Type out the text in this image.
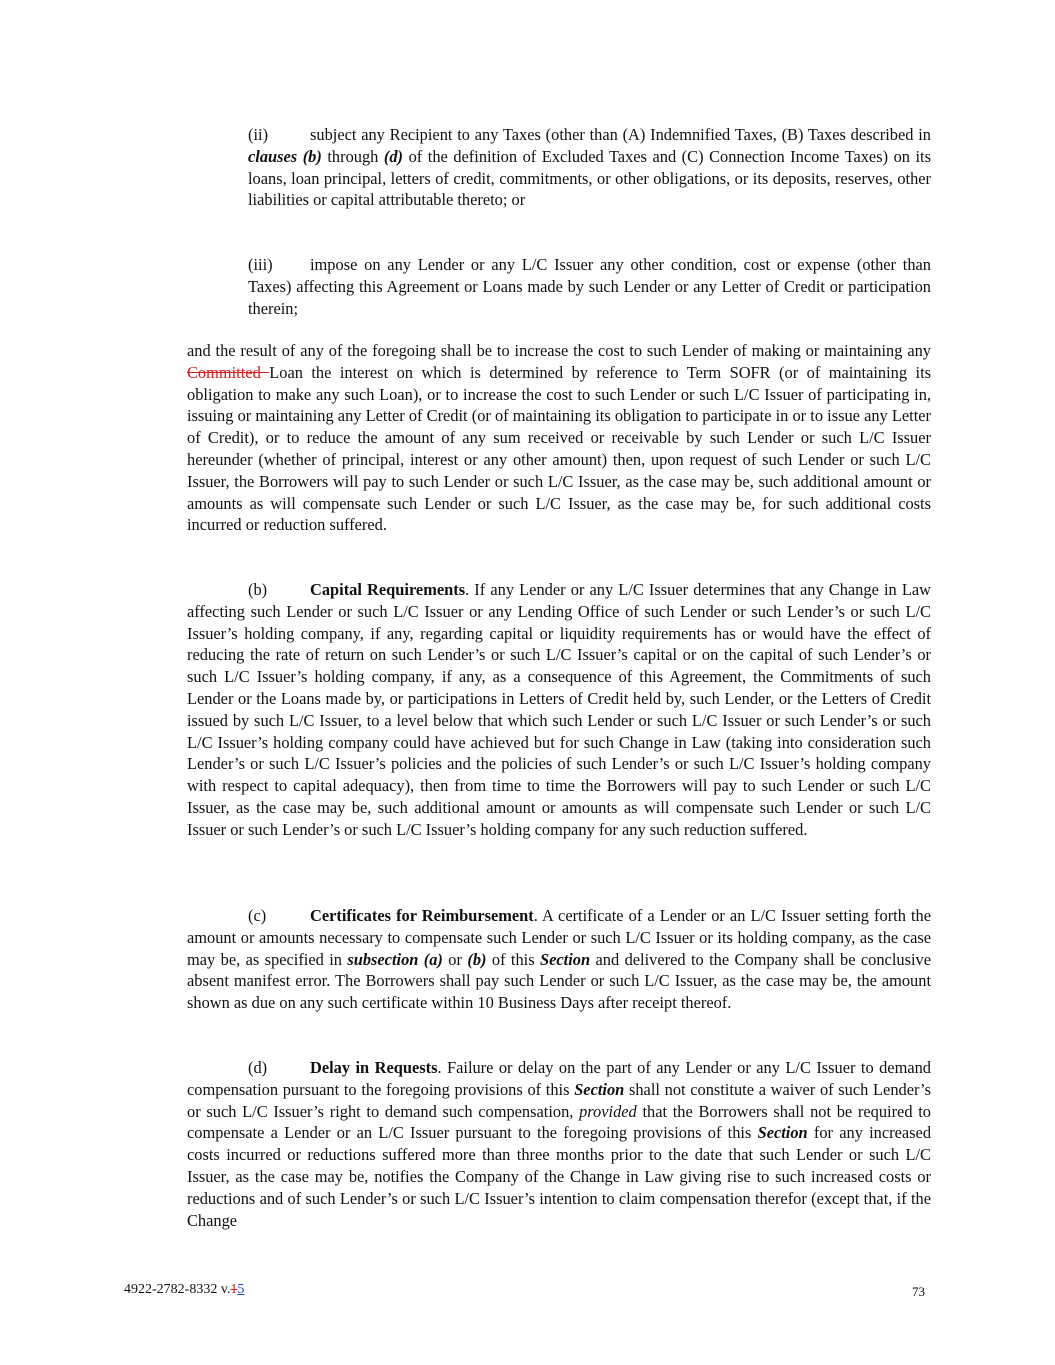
(ii)	subject any Recipient to any Taxes (other than (A) Indemnified Taxes, (B) Taxes described in clauses (b) through (d) of the definition of Excluded Taxes and (C) Connection Income Taxes) on its loans, loan principal, letters of credit, commitments, or other obligations, or its deposits, reserves, other liabilities or capital attributable thereto; or

(iii) impose on any Lender or any L/C Issuer any other condition, cost or expense (other than Taxes) affecting this Agreement or Loans made by such Lender or any Letter of Credit or participation therein;

and the result of any of the foregoing shall be to increase the cost to such Lender of making or maintaining any Committed Loan the interest on which is determined by reference to Term SOFR (or of maintaining its obligation to make any such Loan), or to increase the cost to such Lender or such L/C Issuer of participating in, issuing or maintaining any Letter of Credit (or of maintaining its obligation to participate in or to issue any Letter of Credit), or to reduce the amount of any sum received or receivable by such Lender or such L/C Issuer hereunder (whether of principal, interest or any other amount) then, upon request of such Lender or such L/C Issuer, the Borrowers will pay to such Lender or such L/C Issuer, as the case may be, such additional amount or amounts as will compensate such Lender or such L/C Issuer, as the case may be, for such additional costs incurred or reduction suffered.

(b)	Capital Requirements. If any Lender or any L/C Issuer determines that any Change in Law affecting such Lender or such L/C Issuer or any Lending Office of such Lender or such Lender’s or such L/C Issuer’s holding company, if any, regarding capital or liquidity requirements has or would have the effect of reducing the rate of return on such Lender’s or such L/C Issuer’s capital or on the capital of such Lender’s or such L/C Issuer’s holding company, if any, as a consequence of this Agreement, the Commitments of such Lender or the Loans made by, or participations in Letters of Credit held by, such Lender, or the Letters of Credit issued by such L/C Issuer, to a level below that which such Lender or such L/C Issuer or such Lender’s or such L/C Issuer’s holding company could have achieved but for such Change in Law (taking into consideration such Lender’s or such L/C Issuer’s policies and the policies of such Lender’s or such L/C Issuer’s holding company with respect to capital adequacy), then from time to time the Borrowers will pay to such Lender or such L/C Issuer, as the case may be, such additional amount or amounts as will compensate such Lender or such L/C Issuer or such Lender’s or such L/C Issuer’s holding company for any such reduction suffered.

(c)	Certificates for Reimbursement. A certificate of a Lender or an L/C Issuer setting forth the amount or amounts necessary to compensate such Lender or such L/C Issuer or its holding company, as the case may be, as specified in subsection (a) or (b) of this Section and delivered to the Company shall be conclusive absent manifest error. The Borrowers shall pay such Lender or such L/C Issuer, as the case may be, the amount shown as due on any such certificate within 10 Business Days after receipt thereof.

(d)	Delay in Requests. Failure or delay on the part of any Lender or any L/C Issuer to demand compensation pursuant to the foregoing provisions of this Section shall not constitute a waiver of such Lender’s or such L/C Issuer’s right to demand such compensation, provided that the Borrowers shall not be required to compensate a Lender or an L/C Issuer pursuant to the foregoing provisions of this Section for any increased costs incurred or reductions suffered more than three months prior to the date that such Lender or such L/C Issuer, as the case may be, notifies the Company of the Change in Law giving rise to such increased costs or reductions and of such Lender’s or such L/C Issuer’s intention to claim compensation therefor (except that, if the Change

4922-2782-8332 v.15	73
